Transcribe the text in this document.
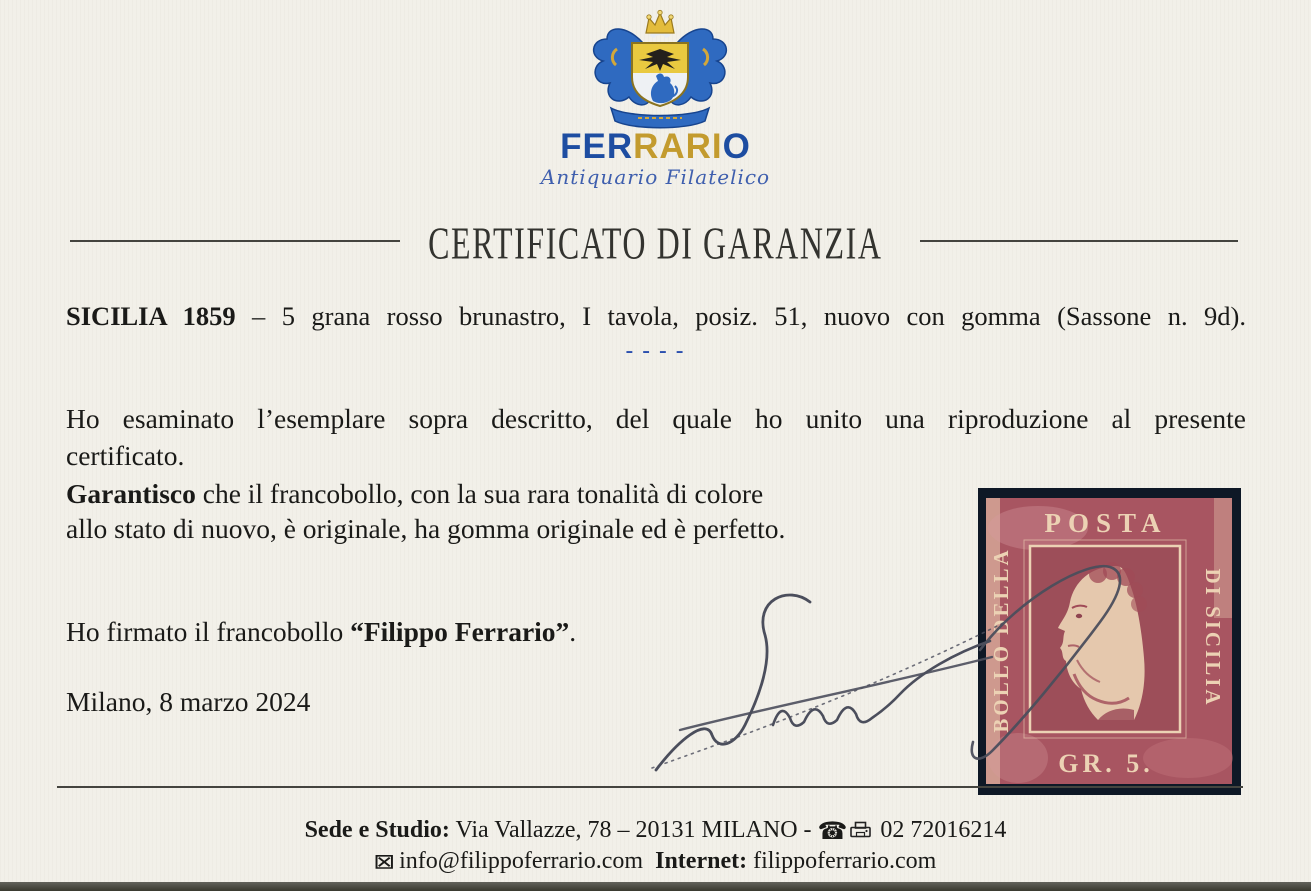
FERRARIO
Antiquario Filatelico
CERTIFICATO DI GARANZIA
SICILIA 1859 – 5 grana rosso brunastro, I tavola, posiz. 51, nuovo con gomma (Sassone n. 9d).
– – – –
Ho esaminato l’esemplare sopra descritto, del quale ho unito una riproduzione al presente
certificato.
Garantisco che il francobollo, con la sua rara tonalità di colore
allo stato di nuovo, è originale, ha gomma originale ed è perfetto.
Ho firmato il francobollo “Filippo Ferrario”.
Milano, 8 marzo 2024
POSTA
GR. 5.
BOLLO DELLA	DI SICILIA
Sede e Studio: Via Vallazze, 78 – 20131 MILANO - ☎ 02 72016214
⊠ info@filippoferrario.com Internet: filippoferrario.com
